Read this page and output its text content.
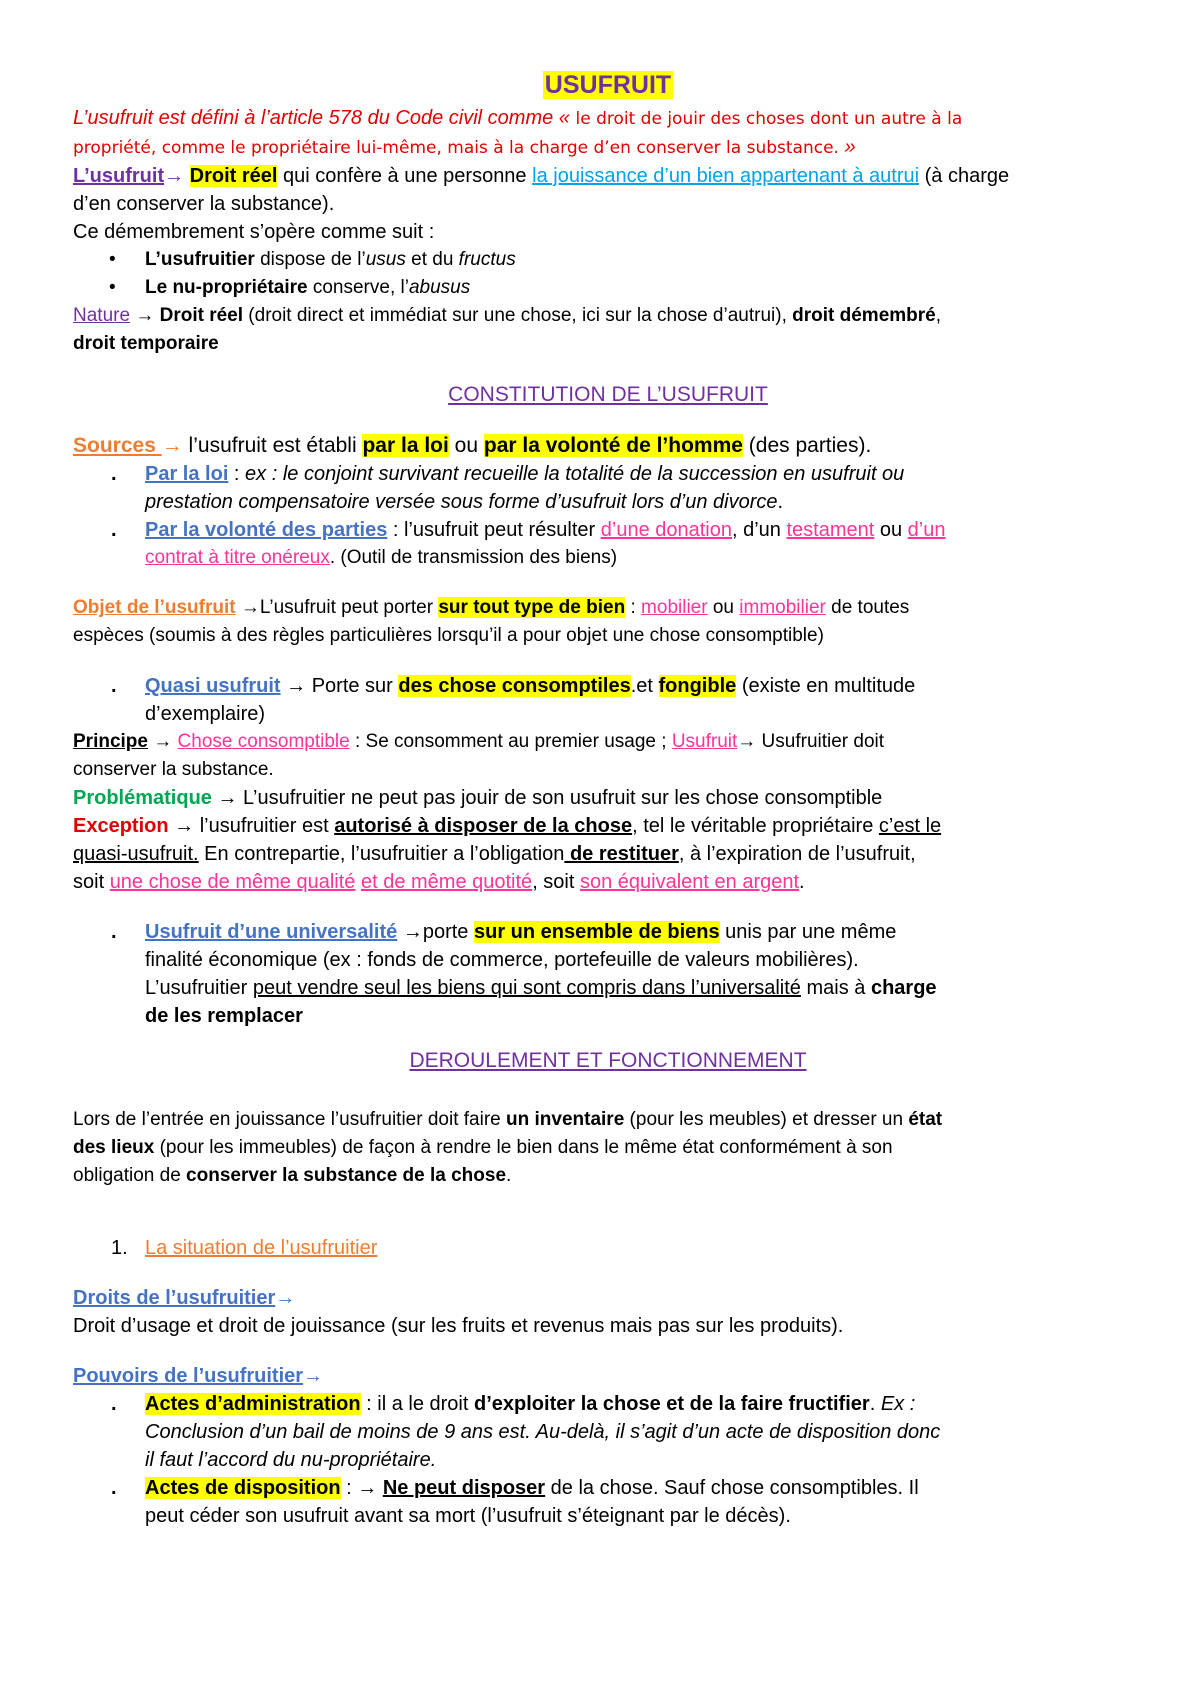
USUFRUIT
L’usufruit est défini à l’article 578 du Code civil comme « le droit de jouir des choses dont un autre à la
propriété, comme le propriétaire lui-même, mais à la charge d’en conserver la substance. »
L’usufruit→ Droit réel qui confère à une personne la jouissance d’un bien appartenant à autrui (à charge
d’en conserver la substance).
Ce démembrement s’opère comme suit :
• L’usufruitier dispose de l’usus et du fructus
• Le nu-propriétaire conserve, l’abusus
Nature → Droit réel (droit direct et immédiat sur une chose, ici sur la chose d’autrui), droit démembré,
droit temporaire
CONSTITUTION DE L’USUFRUIT
Sources → l’usufruit est établi par la loi ou par la volonté de l’homme (des parties).
. Par la loi : ex : le conjoint survivant recueille la totalité de la succession en usufruit ou
prestation compensatoire versée sous forme d’usufruit lors d’un divorce.
. Par la volonté des parties : l’usufruit peut résulter d’une donation, d’un testament ou d’un
contrat à titre onéreux. (Outil de transmission des biens)
Objet de l’usufruit →L’usufruit peut porter sur tout type de bien : mobilier ou immobilier de toutes
espèces (soumis à des règles particulières lorsqu’il a pour objet une chose consomptible)
. Quasi usufruit → Porte sur des chose consomptiles.et fongible (existe en multitude
d’exemplaire)
Principe → Chose consomptible : Se consomment au premier usage ; Usufruit→ Usufruitier doit
conserver la substance.
Problématique → L’usufruitier ne peut pas jouir de son usufruit sur les chose consomptible
Exception → l’usufruitier est autorisé à disposer de la chose, tel le véritable propriétaire c’est le
quasi-usufruit. En contrepartie, l’usufruitier a l’obligation de restituer, à l’expiration de l’usufruit,
soit une chose de même qualité et de même quotité, soit son équivalent en argent.
. Usufruit d’une universalité →porte sur un ensemble de biens unis par une même
finalité économique (ex : fonds de commerce, portefeuille de valeurs mobilières).
L’usufruitier peut vendre seul les biens qui sont compris dans l’universalité mais à charge
de les remplacer
DEROULEMENT ET FONCTIONNEMENT
Lors de l’entrée en jouissance l’usufruitier doit faire un inventaire (pour les meubles) et dresser un état
des lieux (pour les immeubles) de façon à rendre le bien dans le même état conformément à son
obligation de conserver la substance de la chose.
1. La situation de l’usufruitier
Droits de l’usufruitier→
Droit d’usage et droit de jouissance (sur les fruits et revenus mais pas sur les produits).
Pouvoirs de l’usufruitier→
. Actes d’administration : il a le droit d’exploiter la chose et de la faire fructifier. Ex :
Conclusion d’un bail de moins de 9 ans est. Au-delà, il s’agit d’un acte de disposition donc
il faut l’accord du nu-propriétaire.
. Actes de disposition : → Ne peut disposer de la chose. Sauf chose consomptibles. Il
peut céder son usufruit avant sa mort (l’usufruit s’éteignant par le décès).
